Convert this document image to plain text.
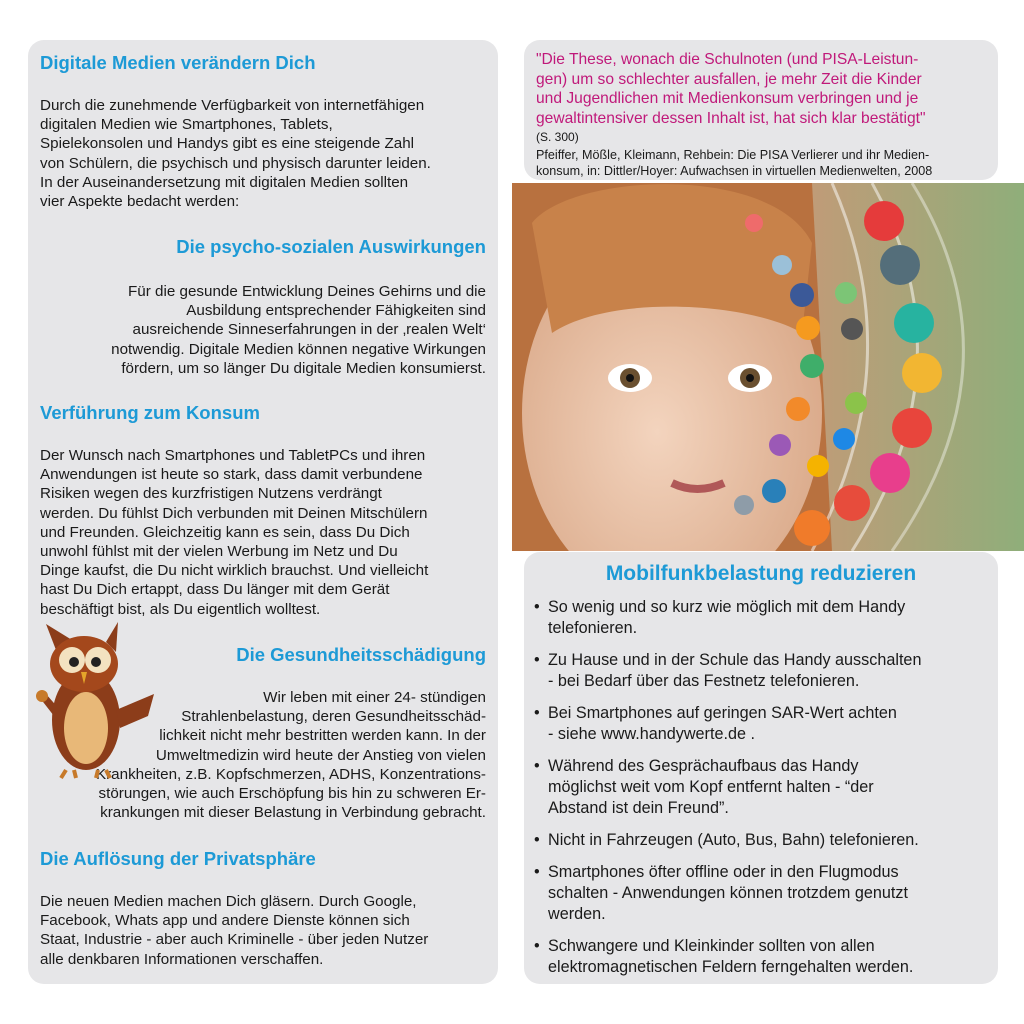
Digitale Medien verändern Dich
Durch die zunehmende Verfügbarkeit von internetfähigen
digitalen Medien wie Smartphones, Tablets,
Spielekonsolen und Handys gibt es eine steigende Zahl
von Schülern, die psychisch und physisch darunter leiden.
In der Auseinandersetzung mit digitalen Medien sollten
vier Aspekte bedacht werden:
Die psycho-sozialen Auswirkungen
Für die gesunde Entwicklung Deines Gehirns und die
Ausbildung entsprechender Fähigkeiten sind
ausreichende Sinneserfahrungen in der ‚realen Welt‘
notwendig. Digitale Medien können negative Wirkungen
fördern, um so länger Du digitale Medien konsumierst.
Verführung zum Konsum
Der Wunsch nach Smartphones und TabletPCs und ihren
Anwendungen ist heute so stark, dass damit verbundene
Risiken wegen des kurzfristigen Nutzens verdrängt
werden. Du fühlst Dich verbunden mit Deinen Mitschülern
und Freunden. Gleichzeitig kann es sein, dass Du Dich
unwohl fühlst mit der vielen Werbung im Netz und Du
Dinge kaufst, die Du nicht wirklich brauchst. Und vielleicht
hast Du Dich ertappt, dass Du länger mit dem Gerät
beschäftigt bist, als Du eigentlich wolltest.
Die Gesundheitsschädigung
Wir leben mit einer 24- stündigen
Strahlenbelastung, deren Gesundheitsschäd-
lichkeit nicht mehr bestritten werden kann. In der
Umweltmedizin wird heute der Anstieg von vielen
Krankheiten, z.B. Kopfschmerzen, ADHS, Konzentrations-
störungen, wie auch Erschöpfung bis hin zu schweren Er-
krankungen mit dieser Belastung in Verbindung gebracht.
Die Auflösung der Privatsphäre
Die neuen Medien machen Dich gläsern. Durch Google,
Facebook, Whats app und andere Dienste können sich
Staat, Industrie - aber auch Kriminelle - über jeden Nutzer
alle denkbaren Informationen verschaffen.
"Die These, wonach die Schulnoten (und PISA-Leistun-
gen) um so schlechter ausfallen, je mehr Zeit die Kinder
und Jugendlichen mit Medienkonsum verbringen und je
gewaltintensiver dessen Inhalt ist, hat sich klar bestätigt"
(S. 300)
Pfeiffer, Mößle, Kleimann, Rehbein: Die PISA Verlierer und ihr Medien-
konsum, in: Dittler/Hoyer: Aufwachsen in virtuellen Medienwelten, 2008
Mobilfunkbelastung reduzieren
• So wenig und so kurz wie möglich mit dem Handy
telefonieren.
• Zu Hause und in der Schule das Handy ausschalten
- bei Bedarf über das Festnetz telefonieren.
• Bei Smartphones auf geringen SAR-Wert achten
- siehe www.handywerte.de .
• Während des Gesprächaufbaus das Handy
möglichst weit vom Kopf entfernt halten - “der
Abstand ist dein Freund”.
• Nicht in Fahrzeugen (Auto, Bus, Bahn) telefonieren.
• Smartphones öfter offline oder in den Flugmodus
schalten - Anwendungen können trotzdem genutzt
werden.
• Schwangere und Kleinkinder sollten von allen
elektromagnetischen Feldern ferngehalten werden.
